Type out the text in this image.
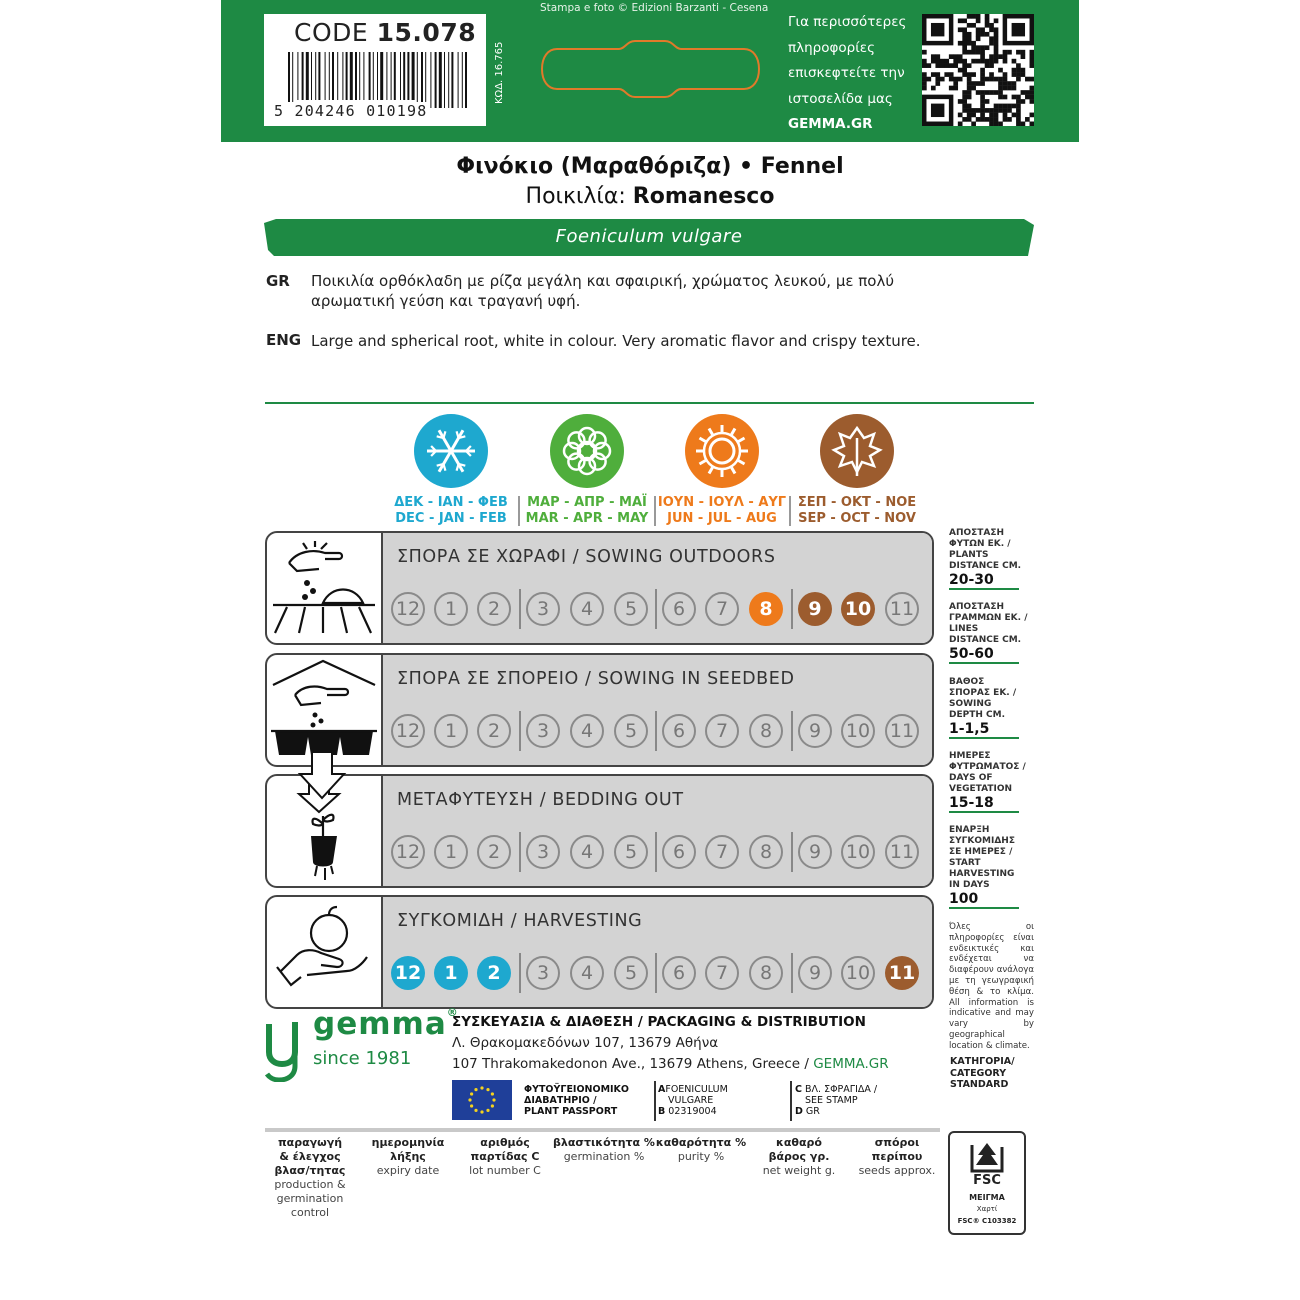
CODE 15.078
5 204246 010198
ΚΩΔ. 16.765
Stampa e foto © Edizioni Barzanti - Cesena
Για περισσότερες
πληροφορίες
επισκεφτείτε την
ιστοσελίδα μας
GEMMA.GR
Φινόκιο (Μαραθόριζα) • Fennel
Ποικιλία: Romanesco
Foeniculum vulgare
GR Ποικιλία ορθόκλαδη με ρίζα μεγάλη και σφαιρική, χρώματος λευκού, με πολύ
αρωματική γεύση και τραγανή υφή.
ENG Large and spherical root, white in colour. Very aromatic flavor and crispy texture.
ΔΕΚ - ΙΑΝ - ΦΕΒ
DEC - JAN - FEB
ΜΑΡ - ΑΠΡ - ΜΑΪ
MAR - APR - MAY
ΙΟΥΝ - ΙΟΥΛ - ΑΥΓ
JUN - JUL - AUG
ΣΕΠ - ΟΚΤ - ΝΟΕ
SEP - OCT - NOV
ΣΠΟΡΑ ΣΕ ΧΩΡΑΦΙ / SOWING OUTDOORS
12	1	2	3	4	5	6	7	8	9	10 11
ΣΠΟΡΑ ΣΕ ΣΠΟΡΕΙΟ / SOWING IN SEEDBED
12	1	2	3	4	5	6	7	8	9	10 11
ΜΕΤΑΦΥΤΕΥΣΗ / BEDDING OUT
12	1	2	3	4	5	6	7	8	9	10 11
ΣΥΓΚΟΜΙΔΗ / HARVESTING
12	1	2	3	4	5	6	7	8	9	10 11
ΑΠΟΣΤΑΣΗ
ΦΥΤΩΝ ΕΚ. /
PLANTS
DISTANCE CM.
20-30
ΑΠΟΣΤΑΣΗ
ΓΡΑΜΜΩΝ ΕΚ. /
LINES
DISTANCE CM.
50-60
ΒΑΘΟΣ
ΣΠΟΡΑΣ ΕΚ. /
SOWING
DEPTH CM.
1-1,5
ΗΜΕΡΕΣ
ΦΥΤΡΩΜΑΤΟΣ /
DAYS OF
VEGETATION
15-18
ΕΝΑΡΞΗ
ΣΥΓΚΟΜΙΔΗΣ
ΣΕ ΗΜΕΡΕΣ /
START
HARVESTING
IN DAYS
100
Όλες οι πληροφορίες είναι ενδεικτικές και ενδέχεται να διαφέρουν ανάλογα με τη γεωγραφική θέση & το κλίμα. All information is indicative and may vary by geographical location & climate.
ΚΑΤΗΓΟΡΙΑ/
CATEGORY
STANDARD
gemma®
since 1981
ΣΥΣΚΕΥΑΣΙΑ & ΔΙΑΘΕΣΗ / PACKAGING & DISTRIBUTION
Λ. Θρακομακεδόνων 107, 13679 Αθήνα
107 Thrakomakedonon Ave., 13679 Athens, Greece / GEMMA.GR
ΦΥΤΟΫΓΕΙΟΝΟΜΙΚΟ
ΔΙΑΒΑΤΗΡΙΟ /
PLANT PASSPORT
AFOENICULUM
VULGARE
B 02319004
C ΒΛ. ΣΦΡΑΓΙΔΑ /
SEE STAMP
D GR
παραγωγή
& έλεγχος
βλασ/τητας
production &
germination
control
ημερομηνία
λήξης
expiry date
αριθμός
παρτίδας C
lot number C
βλαστικότητα %
germination %
καθαρότητα %
purity %
καθαρό
βάρος γρ.
net weight g.
σπόροι
περίπου
seeds approx.
FSC
ΜΕΙΓΜΑ
Χαρτί
FSC® C103382
